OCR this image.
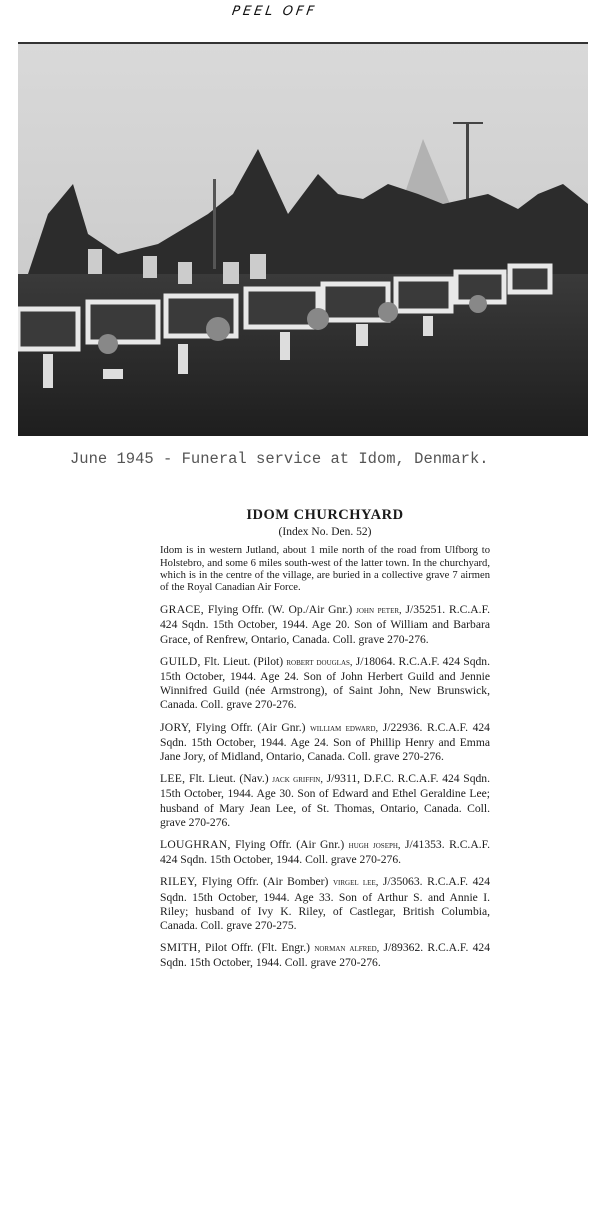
PEEL OFF
June 1945 - Funeral service at Idom, Denmark.
IDOM CHURCHYARD
(Index No. Den. 52)
Idom is in western Jutland, about 1 mile north of the road from Ulfborg to Holstebro, and some 6 miles south-west of the latter town. In the churchyard, which is in the centre of the village, are buried in a collective grave 7 airmen of the Royal Canadian Air Force.
GRACE, Flying Offr. (W. Op./Air Gnr.) john peter, J/35251. R.C.A.F. 424 Sqdn. 15th October, 1944. Age 20. Son of William and Barbara Grace, of Renfrew, Ontario, Canada. Coll. grave 270-276.
GUILD, Flt. Lieut. (Pilot) robert douglas, J/18064. R.C.A.F. 424 Sqdn. 15th October, 1944. Age 24. Son of John Herbert Guild and Jennie Winnifred Guild (née Armstrong), of Saint John, New Brunswick, Canada. Coll. grave 270-276.
JORY, Flying Offr. (Air Gnr.) william edward, J/22936. R.C.A.F. 424 Sqdn. 15th October, 1944. Age 24. Son of Phillip Henry and Emma Jane Jory, of Midland, Ontario, Canada. Coll. grave 270-276.
LEE, Flt. Lieut. (Nav.) jack griffin, J/9311, D.F.C. R.C.A.F. 424 Sqdn. 15th October, 1944. Age 30. Son of Edward and Ethel Geraldine Lee; husband of Mary Jean Lee, of St. Thomas, Ontario, Canada. Coll. grave 270-276.
LOUGHRAN, Flying Offr. (Air Gnr.) hugh joseph, J/41353. R.C.A.F. 424 Sqdn. 15th October, 1944. Coll. grave 270-276.
RILEY, Flying Offr. (Air Bomber) virgel lee, J/35063. R.C.A.F. 424 Sqdn. 15th October, 1944. Age 33. Son of Arthur S. and Annie I. Riley; husband of Ivy K. Riley, of Castlegar, British Columbia, Canada. Coll. grave 270-275.
SMITH, Pilot Offr. (Flt. Engr.) norman alfred, J/89362. R.C.A.F. 424 Sqdn. 15th October, 1944. Coll. grave 270-276.
